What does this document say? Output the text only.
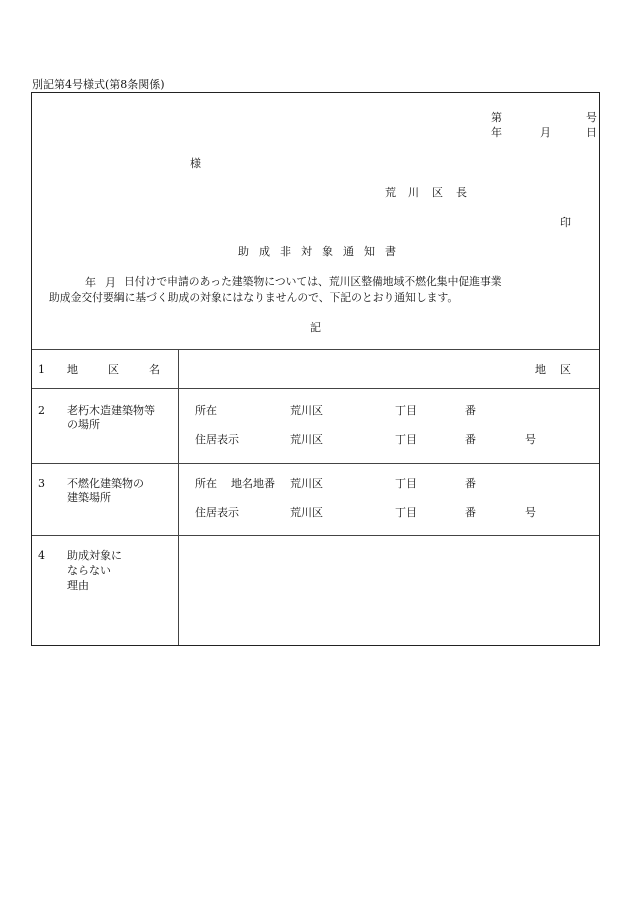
別記第4号様式(第8条関係)
第	号
年	月	日
様
荒 川 区 長
印
助 成 非 対 象 通 知 書
年 月 日付けで申請のあった建築物については、荒川区整備地域不燃化集中促進事業
助成金交付要綱に基づく助成の対象にはなりませんので、下記のとおり通知します。
記
1 地	区	名	地 区
2 老朽木造建築物等
の場所
所在	荒川区	丁目	番
住居表示	荒川区	丁目	番	号
3 不燃化建築物の
建築場所
所在 地名地番 荒川区	丁目	番
住居表示	荒川区	丁目	番	号
4 助成対象に
ならない
理由
